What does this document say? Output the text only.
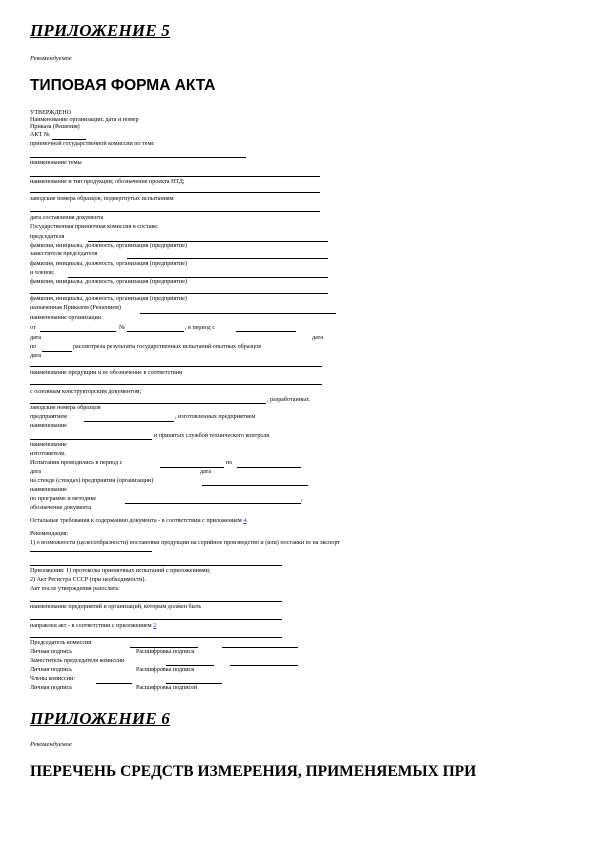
ПРИЛОЖЕНИЕ 5
Рекомендуемое
ТИПОВАЯ ФОРМА АКТА
УТВЕРЖДЕНО
Наименование организации; дата и номер
Приказа (Решения)
АКТ №
приемочной государственной комиссии по теме
наименование темы
наименование и тип продукции; обозначение проекта НТД;
заводские номера образцов, подвергнутых испытаниям
дата составления документа
Государственная приемочная комиссия в составе:
председателя
фамилия, инициалы, должность, организация (предприятие)
заместителя председателя
фамилия, инициалы, должность, организация (предприятие)
и членов:
фамилия, инициалы, должность, организация (предприятие)
фамилия, инициалы, должность, организация (предприятие)
назначенная Приказом (Решением)
наименование организации
от	№	, в период с
дата	дата
по	рассмотрела результаты государственных испытаний опытных образцов
дата
наименование продукции и ее обозначение в соответствии
с основным конструкторским документом;
, разработанных
заводские номера образцов
предприятием	, изготовленных предприятием
наименование
и принятых службой технического контроля
наименование
изготовителя.
Испытания проводились в период с	по
дата	дата
на стенде (стендах) предприятия (организации)
наименование
по программе и методике	,
обозначение документа
Остальные требования к содержанию документа - в соответствии с приложением 4.
Рекомендация:
1) о возможности (целесообразности) постановки продукции на серийное производство и (или) поставки ее на экспорт
Приложения: 1) протоколы приемочных испытаний с приложениями;
2) Акт Регистра СССР (при необходимости).
Акт после утверждения разослать:
наименование предприятий и организаций, которым должен быть
направлен акт - в соответствии с приложением 2
Председатель комиссии
Личная подпись	Расшифровка подписи
Заместитель председателя комиссии
Личная подпись	Расшифровка подписи
Члены комиссии:
Личная подпись	Расшифровка подписей
ПРИЛОЖЕНИЕ 6
Рекомендуемое
ПЕРЕЧЕНЬ СРЕДСТВ ИЗМЕРЕНИЯ, ПРИМЕНЯЕМЫХ ПРИ
